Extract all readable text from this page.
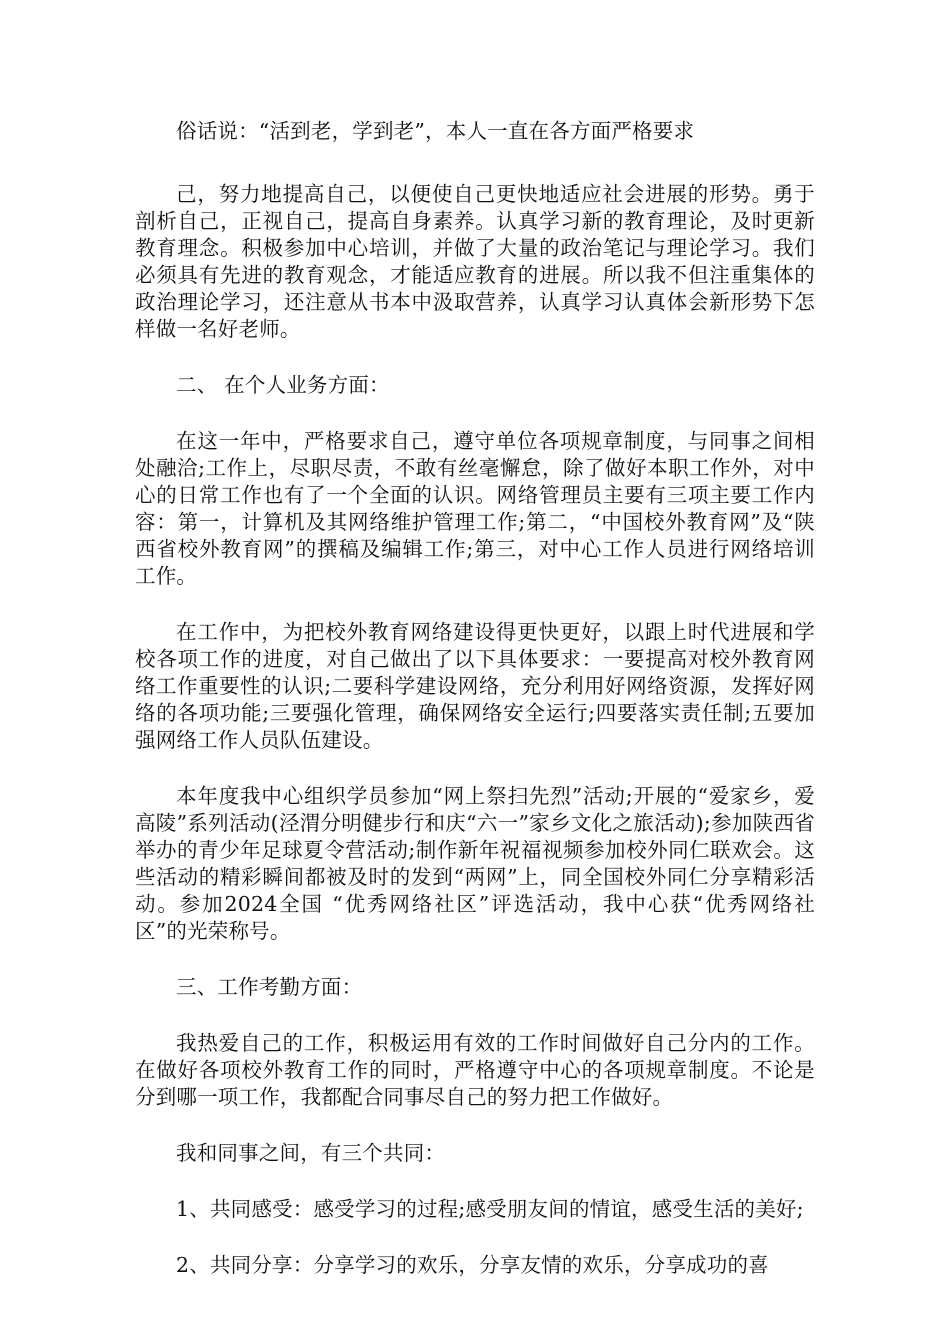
俗话说：“活到老，学到老”，本人一直在各方面严格要求

己，努力地提高自己，以便使自己更快地适应社会进展的形势。勇于剖析自己，正视自己，提高自身素养。认真学习新的教育理论，及时更新教育理念。积极参加中心培训，并做了大量的政治笔记与理论学习。我们必须具有先进的教育观念，才能适应教育的进展。所以我不但注重集体的政治理论学习，还注意从书本中汲取营养，认真学习认真体会新形势下怎样做一名好老师。

二、 在个人业务方面：

在这一年中，严格要求自己，遵守单位各项规章制度，与同事之间相处融洽;工作上，尽职尽责，不敢有丝毫懈怠，除了做好本职工作外，对中心的日常工作也有了一个全面的认识。网络管理员主要有三项主要工作内容：第一，计算机及其网络维护管理工作;第二，“中国校外教育网”及“陕西省校外教育网”的撰稿及编辑工作;第三，对中心工作人员进行网络培训工作。

在工作中，为把校外教育网络建设得更快更好，以跟上时代进展和学校各项工作的进度，对自己做出了以下具体要求：一要提高对校外教育网络工作重要性的认识;二要科学建设网络，充分利用好网络资源，发挥好网络的各项功能;三要强化管理，确保网络安全运行;四要落实责任制;五要加强网络工作人员队伍建设。

本年度我中心组织学员参加“网上祭扫先烈”活动;开展的“爱家乡，爱高陵”系列活动(泾渭分明健步行和庆“六一”家乡文化之旅活动);参加陕西省举办的青少年足球夏令营活动;制作新年祝福视频参加校外同仁联欢会。这些活动的精彩瞬间都被及时的发到“两网”上，同全国校外同仁分享精彩活动。参加2024全国 “优秀网络社区”评选活动，我中心获“优秀网络社区”的光荣称号。

三、工作考勤方面：

我热爱自己的工作，积极运用有效的工作时间做好自己分内的工作。在做好各项校外教育工作的同时，严格遵守中心的各项规章制度。不论是分到哪一项工作，我都配合同事尽自己的努力把工作做好。

我和同事之间，有三个共同：

1、共同感受：感受学习的过程;感受朋友间的情谊，感受生活的美好;

2、共同分享：分享学习的欢乐，分享友情的欢乐，分享成功的喜
